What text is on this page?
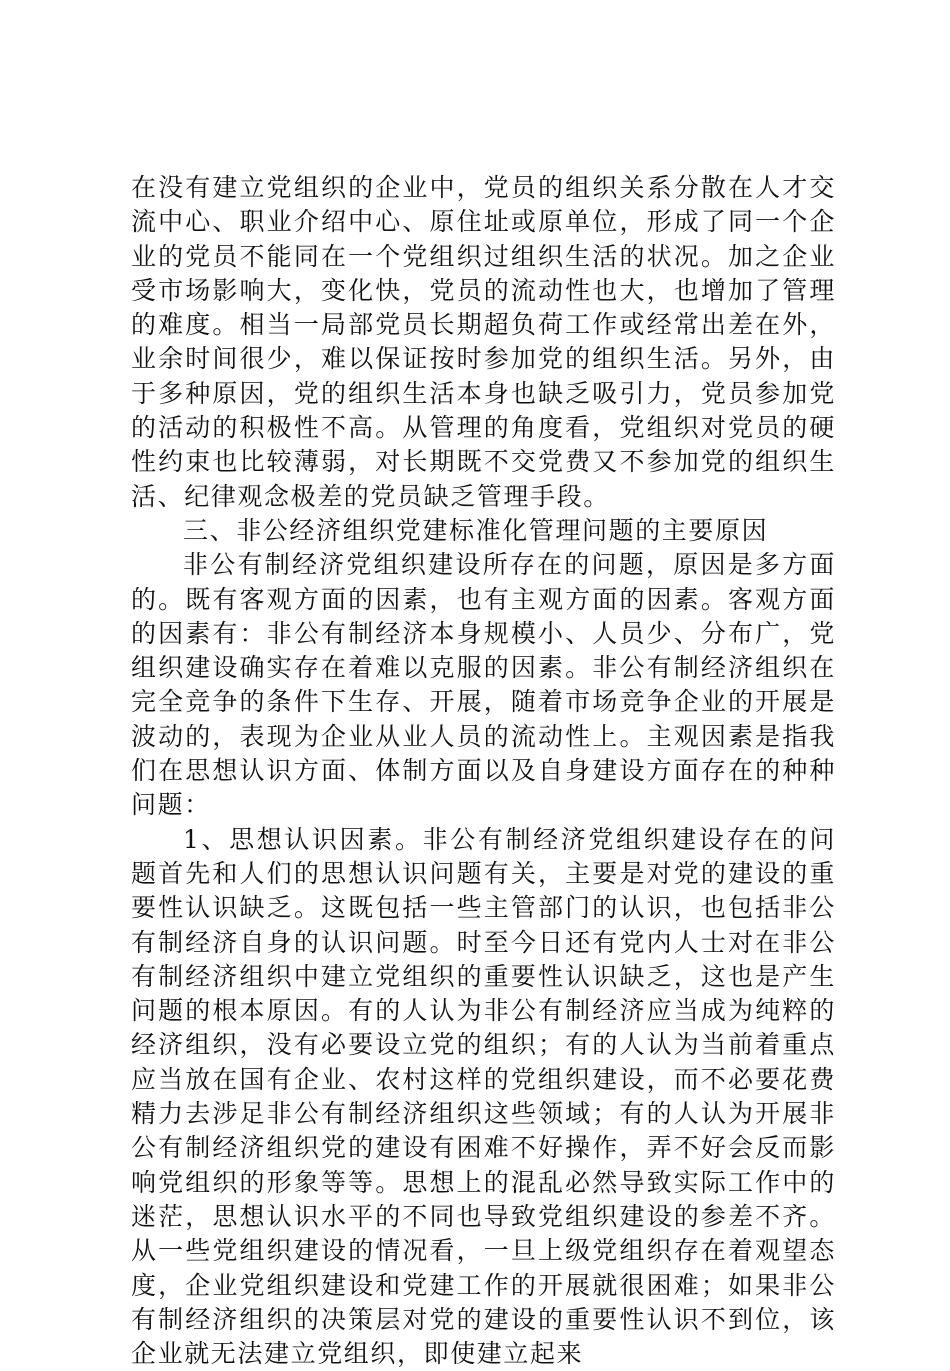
在没有建立党组织的企业中，党员的组织关系分散在人才交流中心、职业介绍中心、原住址或原单位，形成了同一个企业的党员不能同在一个党组织过组织生活的状况。加之企业受市场影响大，变化快，党员的流动性也大，也增加了管理的难度。相当一局部党员长期超负荷工作或经常出差在外，业余时间很少，难以保证按时参加党的组织生活。另外，由于多种原因，党的组织生活本身也缺乏吸引力，党员参加党的活动的积极性不高。从管理的角度看，党组织对党员的硬性约束也比较薄弱，对长期既不交党费又不参加党的组织生活、纪律观念极差的党员缺乏管理手段。

三、非公经济组织党建标准化管理问题的主要原因

非公有制经济党组织建设所存在的问题，原因是多方面的。既有客观方面的因素，也有主观方面的因素。客观方面的因素有：非公有制经济本身规模小、人员少、分布广，党组织建设确实存在着难以克服的因素。非公有制经济组织在完全竞争的条件下生存、开展，随着市场竞争企业的开展是波动的，表现为企业从业人员的流动性上。主观因素是指我们在思想认识方面、体制方面以及自身建设方面存在的种种问题：

1、思想认识因素。非公有制经济党组织建设存在的问题首先和人们的思想认识问题有关，主要是对党的建设的重要性认识缺乏。这既包括一些主管部门的认识，也包括非公有制经济自身的认识问题。时至今日还有党内人士对在非公有制经济组织中建立党组织的重要性认识缺乏，这也是产生问题的根本原因。有的人认为非公有制经济应当成为纯粹的经济组织，没有必要设立党的组织；有的人认为当前着重点应当放在国有企业、农村这样的党组织建设，而不必要花费精力去涉足非公有制经济组织这些领域；有的人认为开展非公有制经济组织党的建设有困难不好操作，弄不好会反而影响党组织的形象等等。思想上的混乱必然导致实际工作中的迷茫，思想认识水平的不同也导致党组织建设的参差不齐。从一些党组织建设的情况看，一旦上级党组织存在着观望态度，企业党组织建设和党建工作的开展就很困难；如果非公有制经济组织的决策层对党的建设的重要性认识不到位，该企业就无法建立党组织，即使建立起来
